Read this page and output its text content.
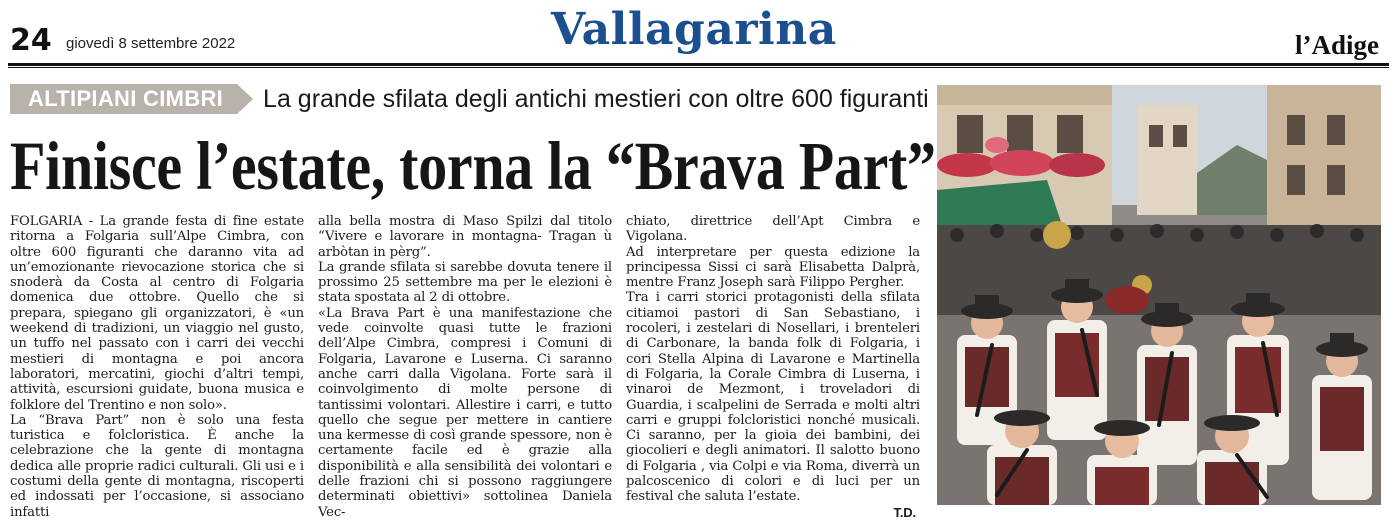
24 giovedì 8 settembre 2022	Vallagarina	l’Adige
ALTIPIANI CIMBRI	La grande sfilata degli antichi mestieri con oltre 600 figuranti
Finisce l’estate, torna la “Brava Part”

FOLGARIA - La grande festa di fine estate ritorna a Folgaria sull’Alpe Cimbra, con oltre 600 figuranti che daranno vita ad un’emozionante rievocazione storica che si snoderà da Costa al centro di Folgaria domenica due ottobre. Quello che si prepara, spiegano gli organizzatori, è «un weekend di tradizioni, un viaggio nel gusto, un tuffo nel passato con i carri dei vecchi mestieri di montagna e poi ancora laboratori, mercatini, giochi d’altri tempi, attività, escursioni guidate, buona musica e folklore del Trentino e non solo».

La “Brava Part” non è solo una festa turistica e folcloristica. È anche la celebrazione che la gente di montagna dedica alle proprie radici culturali. Gli usi e i costumi della gente di montagna, riscoperti ed indossati per l’occasione, si associano infatti

alla bella mostra di Maso Spilzi dal titolo “Vivere e lavorare in montagna- Tragan ù arbòtan in pèrg”.

La grande sfilata si sarebbe dovuta tenere il prossimo 25 settembre ma per le elezioni è stata spostata al 2 di ottobre.

«La Brava Part è una manifestazione che vede coinvolte quasi tutte le frazioni dell’Alpe Cimbra, compresi i Comuni di Folgaria, Lavarone e Luserna. Ci saranno anche carri dalla Vigolana. Forte sarà il coinvolgimento di molte persone di tantissimi volontari. Allestire i carri, e tutto quello che segue per mettere in cantiere una kermesse di così grande spessore, non è certamente facile ed è grazie alla disponibilità e alla sensibilità dei volontari e delle frazioni chi si possono raggiungere determinati obiettivi» sottolinea Daniela Vec-

chiato, direttrice dell’Apt Cimbra e Vigolana.

Ad interpretare per questa edizione la principessa Sissi ci sarà Elisabetta Dalprà, mentre Franz Joseph sarà Filippo Pergher.

Tra i carri storici protagonisti della sfilata citiamoi pastori di San Sebastiano, i rocoleri, i zestelari di Nosellari, i brenteleri di Carbonare, la banda folk di Folgaria, i cori Stella Alpina di Lavarone e Martinella di Folgaria, la Corale Cimbra di Luserna, i vinaroi de Mezmont, i troveladori di Guardia, i scalpelini de Serrada e molti altri carri e gruppi folcloristici nonché musicali. Ci saranno, per la gioia dei bambini, dei giocolieri e degli animatori. Il salotto buono di Folgaria , via Colpi e via Roma, diverrà un palcoscenico di colori e di luci per un festival che saluta l’estate.

T.D.
